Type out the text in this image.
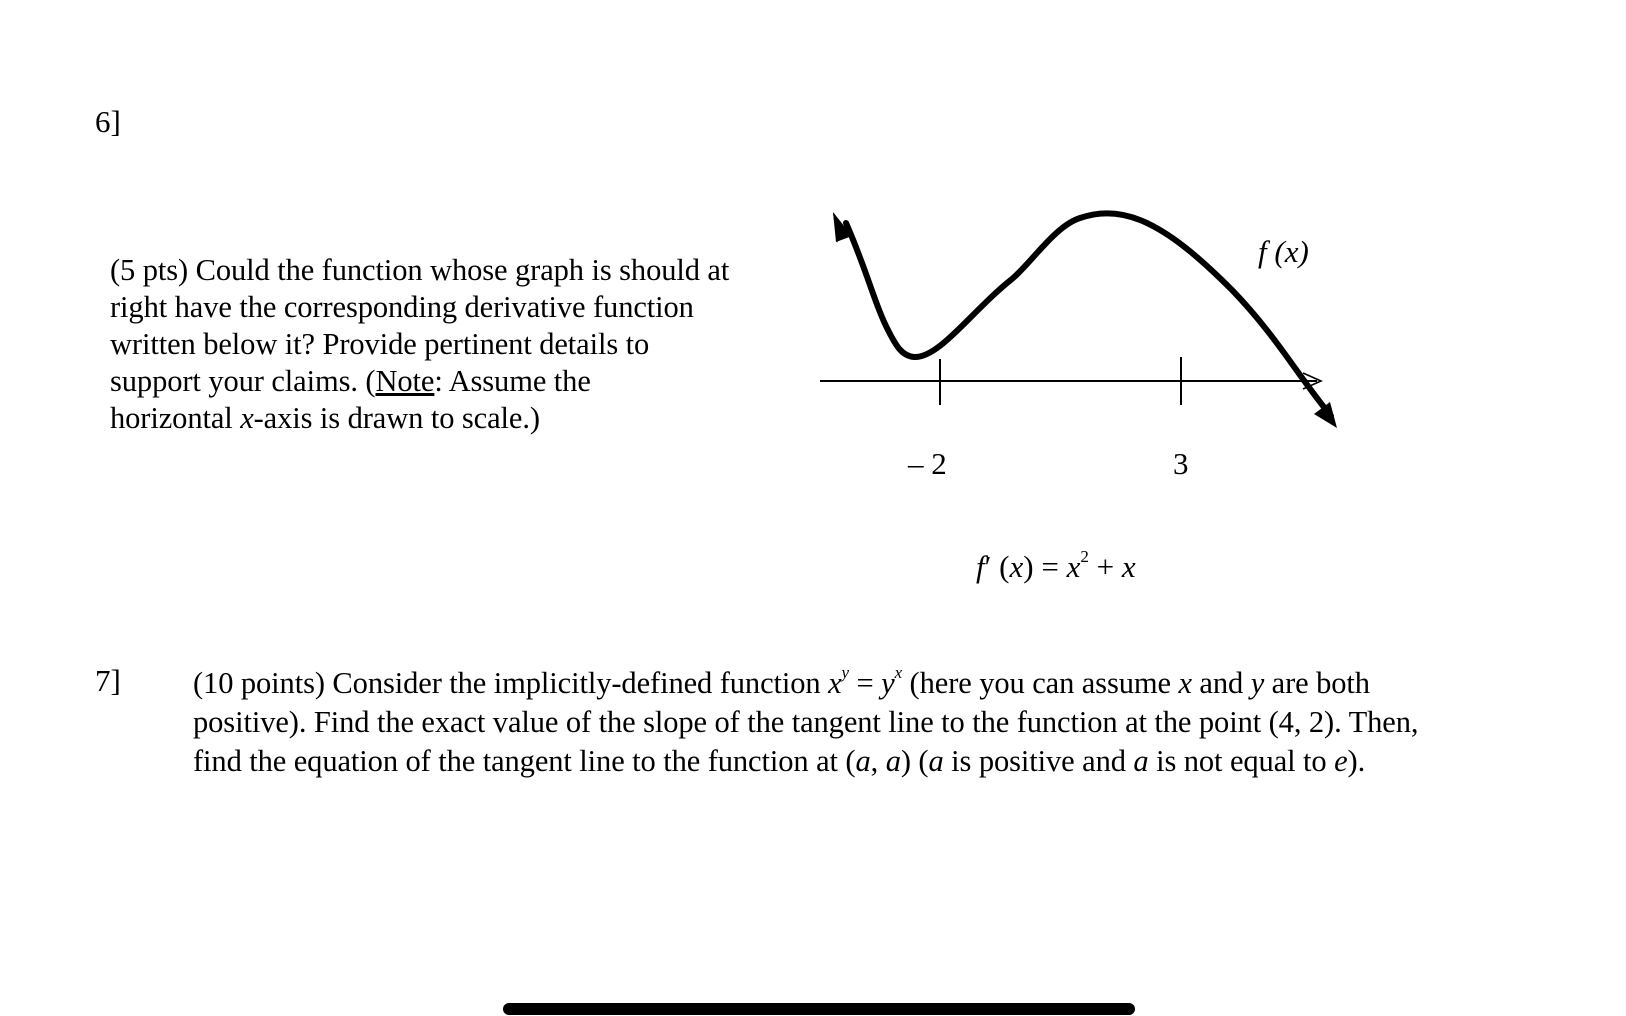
6]
(5 pts) Could the function whose graph is should at
right have the corresponding derivative function
written below it? Provide pertinent details to
support your claims. (Note: Assume the
horizontal x-axis is drawn to scale.)
f (x)
– 2	3
f′ $(x) = x^2 + x$
7] (10 points) Consider the implicitly-defined function $x^y = y^x$ (here you can assume x and y are both
positive). Find the exact value of the slope of the tangent line to the function at the point (4, 2). Then,
find the equation of the tangent line to the function at (a, a) (a is positive and a is not equal to e).
